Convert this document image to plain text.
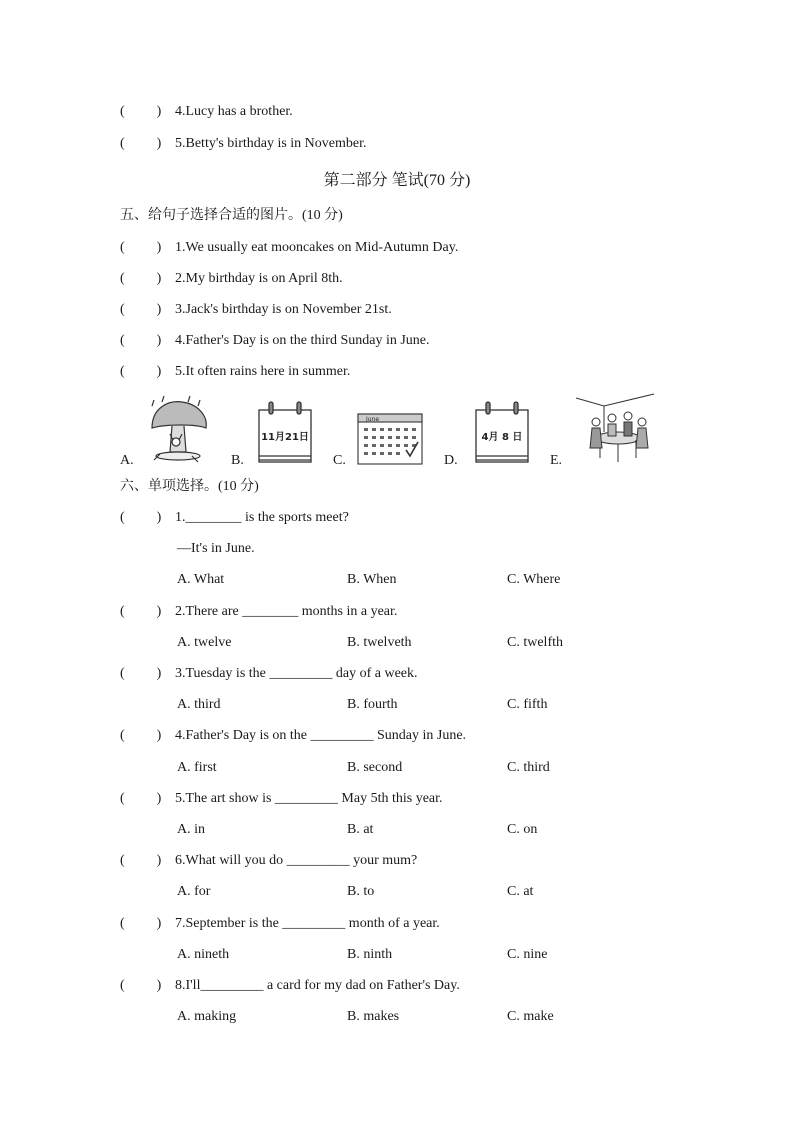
( ) 4.Lucy has a brother.
( ) 5.Betty's birthday is in November.
第二部分 笔试(70 分)
五、给句子选择合适的图片。(10 分)
( ) 1.We usually eat mooncakes on Mid-Autumn Day.
( ) 2.My birthday is on April 8th.
( ) 3.Jack's birthday is on November 21st.
( ) 4.Father's Day is on the third Sunday in June.
( ) 5.It often rains here in summer.
A.	B.
11月21日
C.
June
D.
4月 8 日
E.
六、单项选择。(10 分)
( ) 1.________ is the sports meet?
—It's in June.
A. What	B. When	C. Where
( ) 2.There are ________ months in a year.
A. twelve	B. twelveth	C. twelfth
( ) 3.Tuesday is the _________ day of a week.
A. third	B. fourth	C. fifth
( ) 4.Father's Day is on the _________ Sunday in June.
A. first	B. second	C. third
( ) 5.The art show is _________ May 5th this year.
A. in	B. at	C. on
( ) 6.What will you do _________ your mum?
A. for	B. to	C. at
( ) 7.September is the _________ month of a year.
A. nineth	B. ninth	C. nine
( ) 8.I'll_________ a card for my dad on Father's Day.
A. making	B. makes	C. make
